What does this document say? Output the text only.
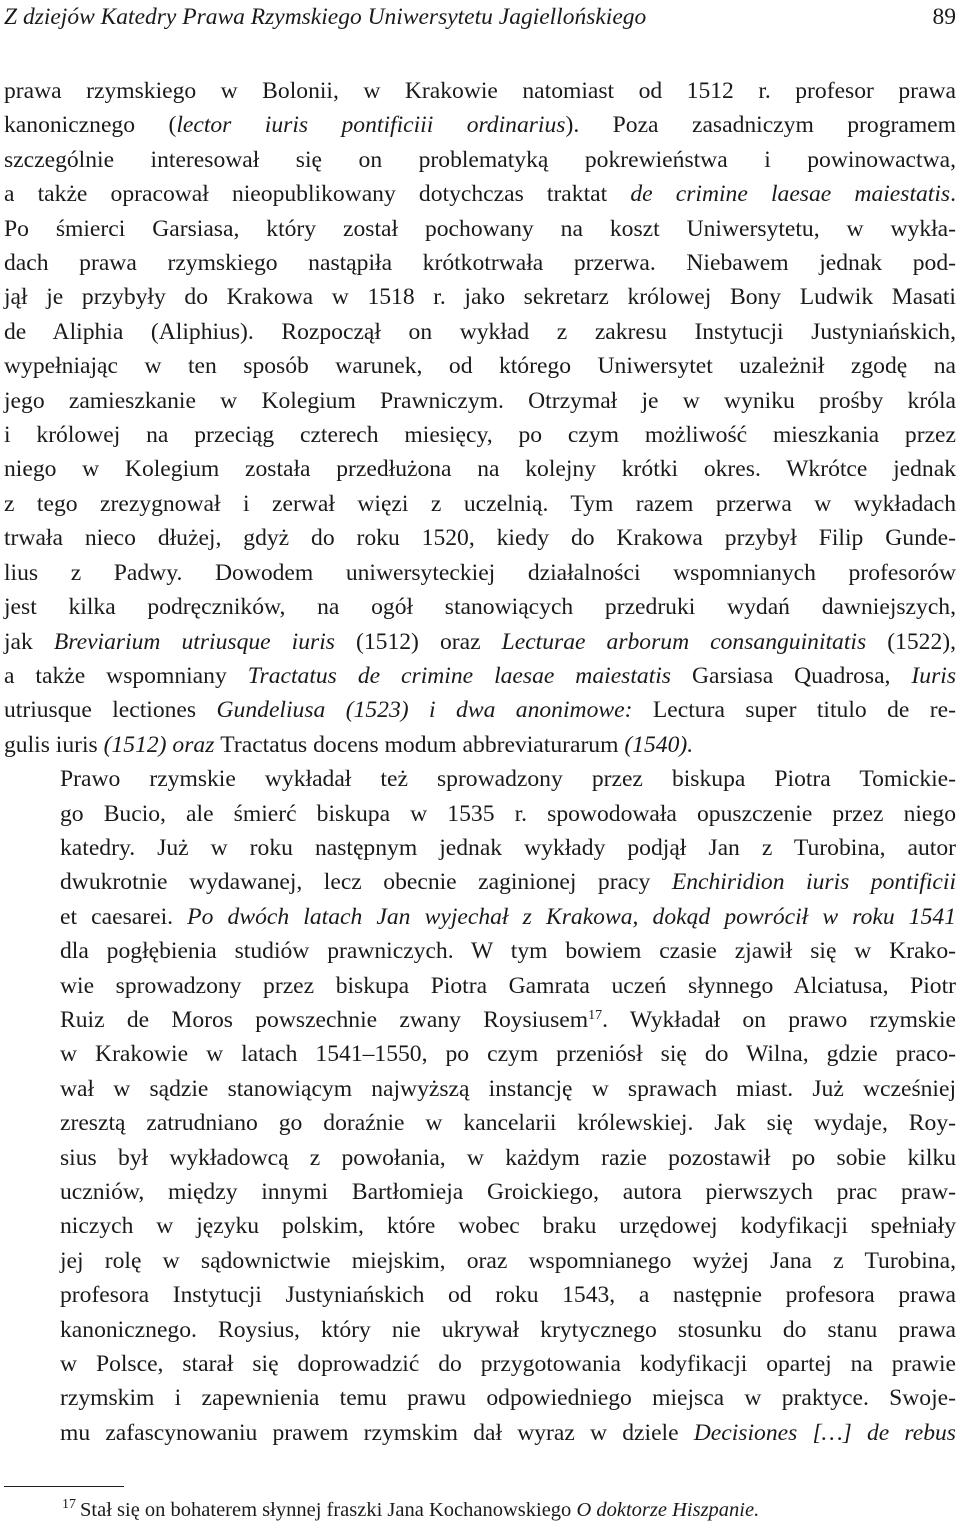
Z dziejów Katedry Prawa Rzymskiego Uniwersytetu Jagiellońskiego	89
prawa rzymskiego w Bolonii, w Krakowie natomiast od 1512 r. profesor prawa
kanonicznego (lector iuris pontificiii ordinarius). Poza zasadniczym programem
szczególnie interesował się on problematyką pokrewieństwa i powinowactwa,
a także opracował nieopublikowany dotychczas traktat de crimine laesae maiestatis.
Po śmierci Garsiasa, który został pochowany na koszt Uniwersytetu, w wykła-
dach prawa rzymskiego nastąpiła krótkotrwała przerwa. Niebawem jednak pod-
jął je przybyły do Krakowa w 1518 r. jako sekretarz królowej Bony Ludwik Masati
de Aliphia (Aliphius). Rozpoczął on wykład z zakresu Instytucji Justyniańskich,
wypełniając w ten sposób warunek, od którego Uniwersytet uzależnił zgodę na
jego zamieszkanie w Kolegium Prawniczym. Otrzymał je w wyniku prośby króla
i królowej na przeciąg czterech miesięcy, po czym możliwość mieszkania przez
niego w Kolegium została przedłużona na kolejny krótki okres. Wkrótce jednak
z tego zrezygnował i zerwał więzi z uczelnią. Tym razem przerwa w wykładach
trwała nieco dłużej, gdyż do roku 1520, kiedy do Krakowa przybył Filip Gunde-
lius z Padwy. Dowodem uniwersyteckiej działalności wspomnianych profesorów
jest kilka podręczników, na ogół stanowiących przedruki wydań dawniejszych,
jak Breviarium utriusque iuris (1512) oraz Lecturae arborum consanguinitatis (1522),
a także wspomniany Tractatus de crimine laesae maiestatis Garsiasa Quadrosa, Iuris
utriusque lectiones Gundeliusa (1523) i dwa anonimowe: Lectura super titulo de re-
gulis iuris (1512) oraz Tractatus docens modum abbreviaturarum (1540).
Prawo rzymskie wykładał też sprowadzony przez biskupa Piotra Tomickie-
go Bucio, ale śmierć biskupa w 1535 r. spowodowała opuszczenie przez niego
katedry. Już w roku następnym jednak wykłady podjął Jan z Turobina, autor
dwukrotnie wydawanej, lecz obecnie zaginionej pracy Enchiridion iuris pontificii
et caesarei. Po dwóch latach Jan wyjechał z Krakowa, dokąd powrócił w roku 1541
dla pogłębienia studiów prawniczych. W tym bowiem czasie zjawił się w Krako-
wie sprowadzony przez biskupa Piotra Gamrata uczeń słynnego Alciatusa, Piotr
Ruiz de Moros powszechnie zwany Roysiusem$^{17}$. Wykładał on prawo rzymskie
w Krakowie w latach 1541–1550, po czym przeniósł się do Wilna, gdzie praco-
wał w sądzie stanowiącym najwyższą instancję w sprawach miast. Już wcześniej
zresztą zatrudniano go doraźnie w kancelarii królewskiej. Jak się wydaje, Roy-
sius był wykładowcą z powołania, w każdym razie pozostawił po sobie kilku
uczniów, między innymi Bartłomieja Groickiego, autora pierwszych prac praw-
niczych w języku polskim, które wobec braku urzędowej kodyfikacji spełniały
jej rolę w sądownictwie miejskim, oraz wspomnianego wyżej Jana z Turobina,
profesora Instytucji Justyniańskich od roku 1543, a następnie profesora prawa
kanonicznego. Roysius, który nie ukrywał krytycznego stosunku do stanu prawa
w Polsce, starał się doprowadzić do przygotowania kodyfikacji opartej na prawie
rzymskim i zapewnienia temu prawu odpowiedniego miejsca w praktyce. Swoje-
mu zafascynowaniu prawem rzymskim dał wyraz w dziele Decisiones […] de rebus
17 Stał się on bohaterem słynnej fraszki Jana Kochanowskiego O doktorze Hiszpanie.
